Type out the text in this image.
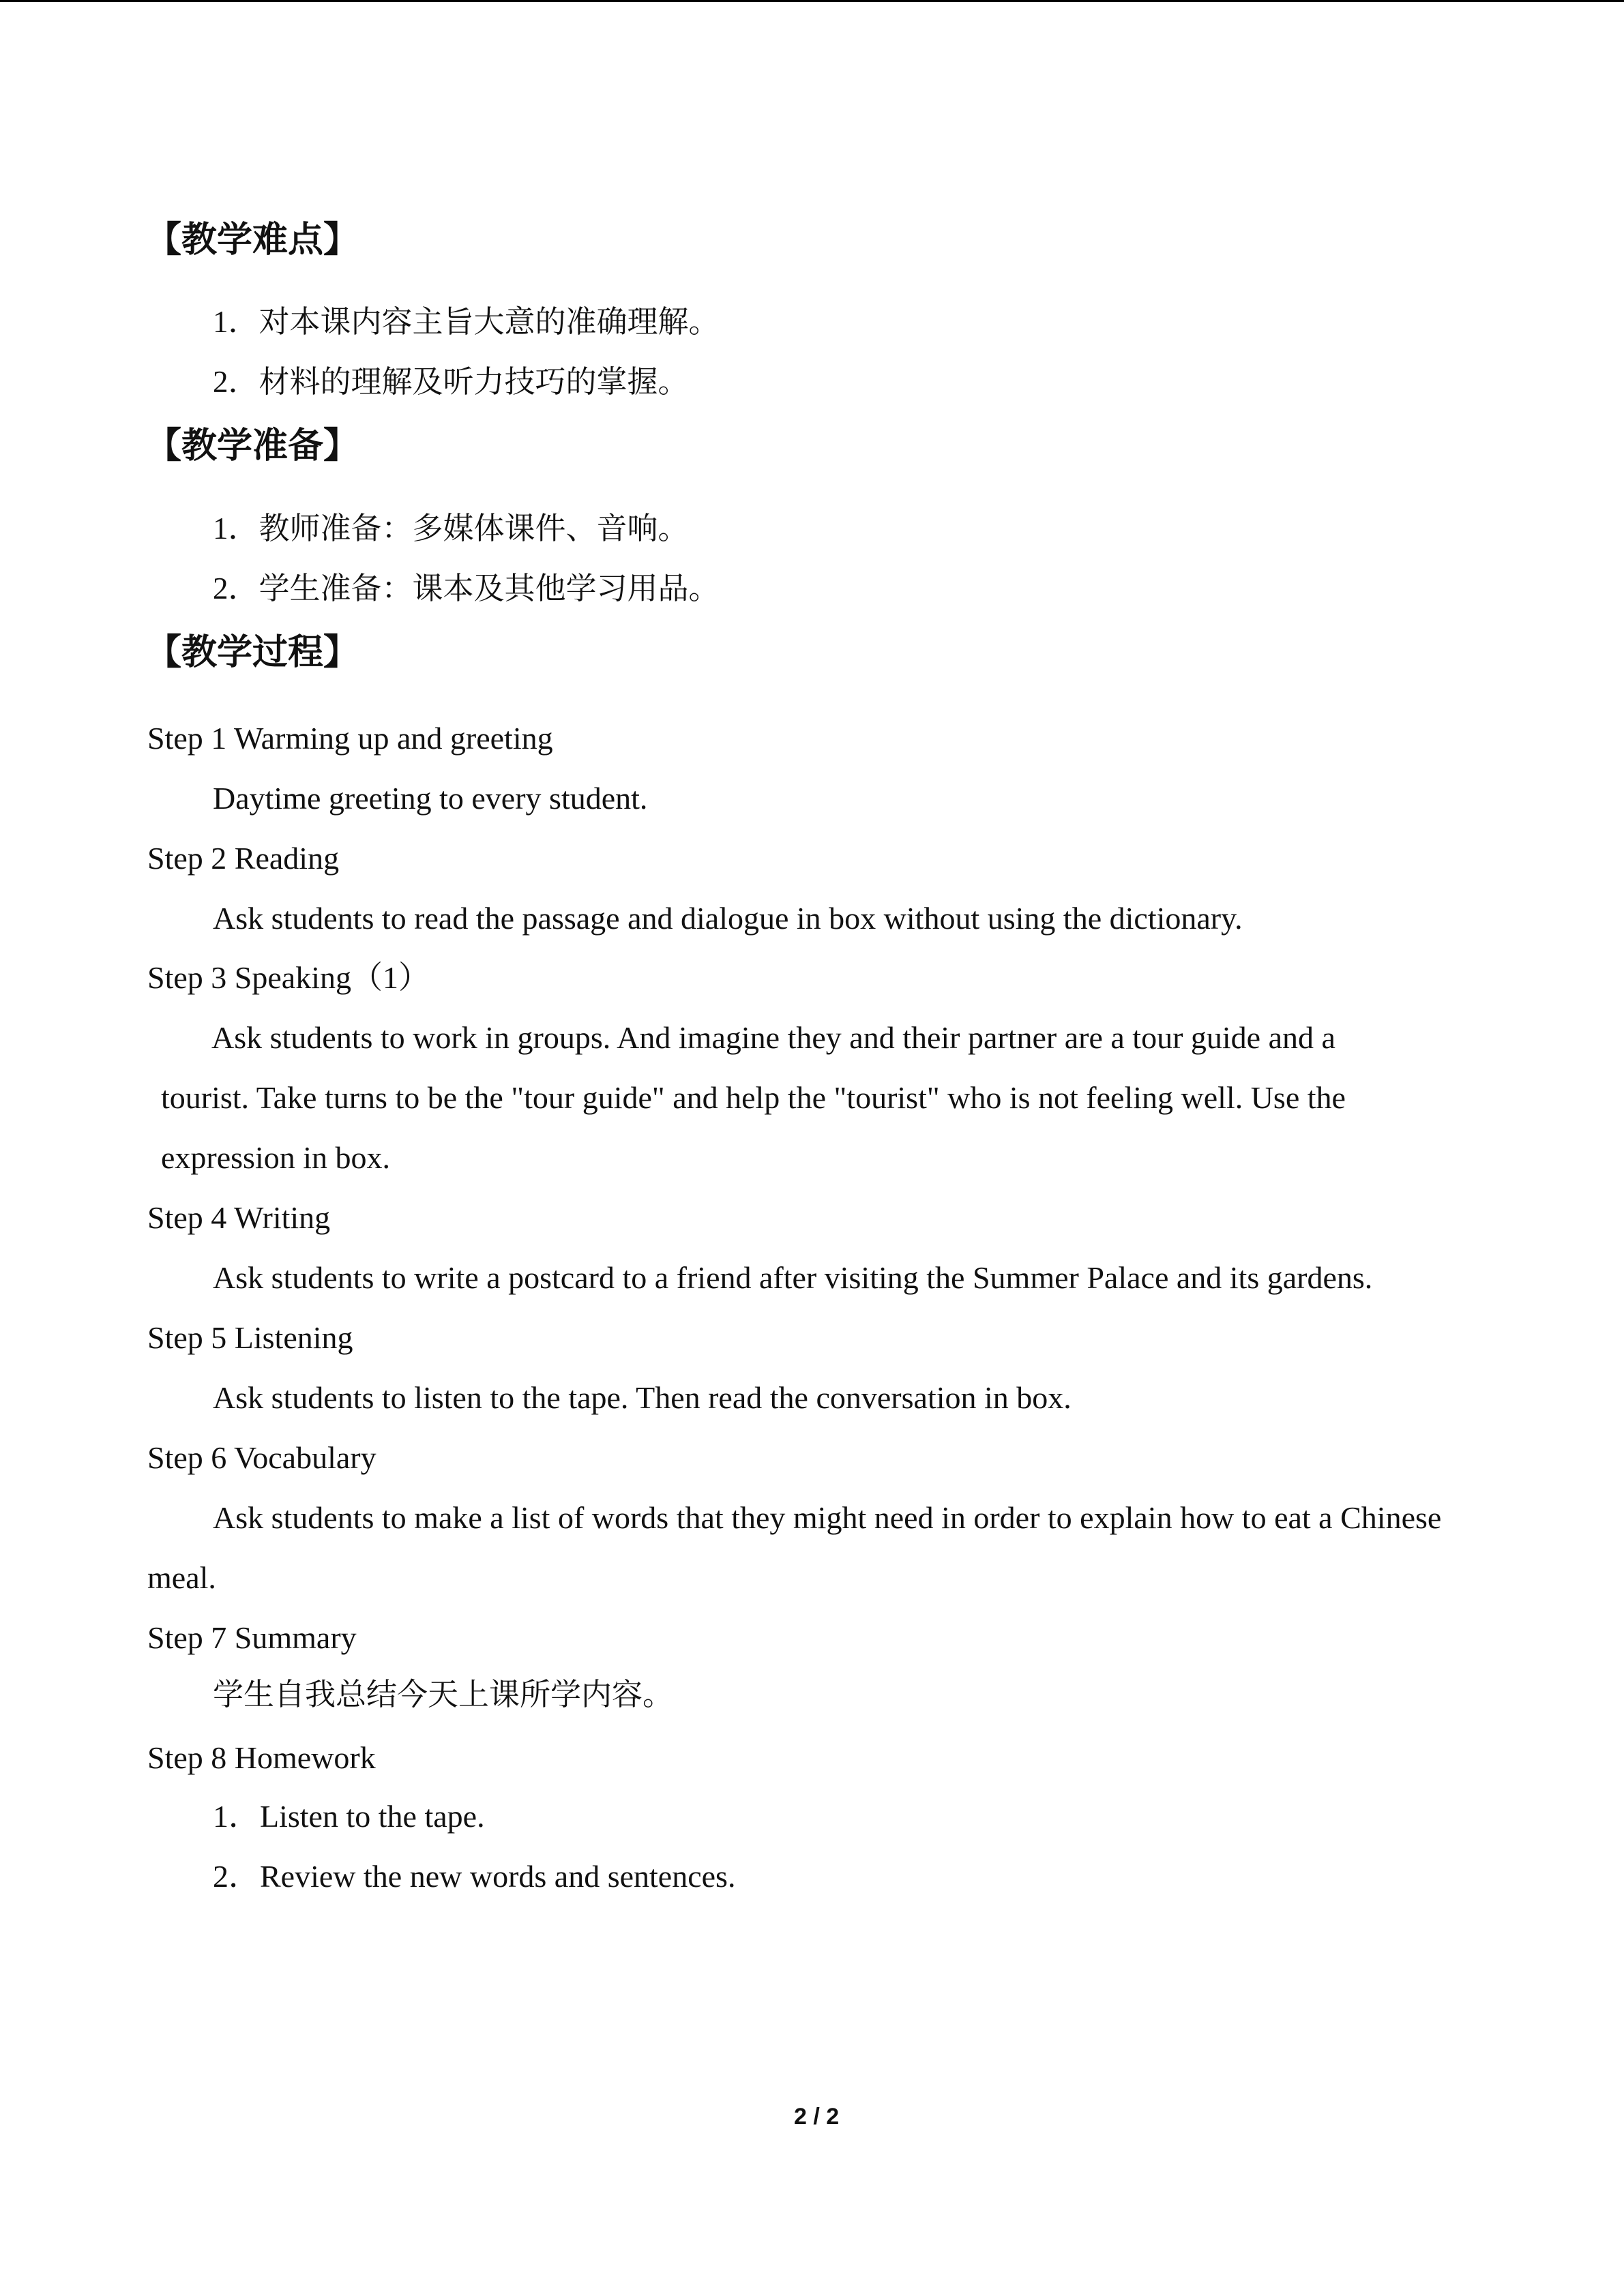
【教学难点】
1．对本课内容主旨大意的准确理解。
2．材料的理解及听力技巧的掌握。
【教学准备】
1．教师准备：多媒体课件、音响。
2．学生准备：课本及其他学习用品。
【教学过程】
Step 1 Warming up and greeting
Daytime greeting to every student.
Step 2 Reading
Ask students to read the passage and dialogue in box without using the dictionary.
Step 3 Speaking（1）
Ask students to work in groups. And imagine they and their partner are a tour guide and a
tourist. Take turns to be the "tour guide" and help the "tourist" who is not feeling well. Use the
expression in box.
Step 4 Writing
Ask students to write a postcard to a friend after visiting the Summer Palace and its gardens.
Step 5 Listening
Ask students to listen to the tape. Then read the conversation in box.
Step 6 Vocabulary
Ask students to make a list of words that they might need in order to explain how to eat a Chinese
meal.
Step 7 Summary
学生自我总结今天上课所学内容。
Step 8 Homework
1．Listen to the tape.
2．Review the new words and sentences.
2 / 2
